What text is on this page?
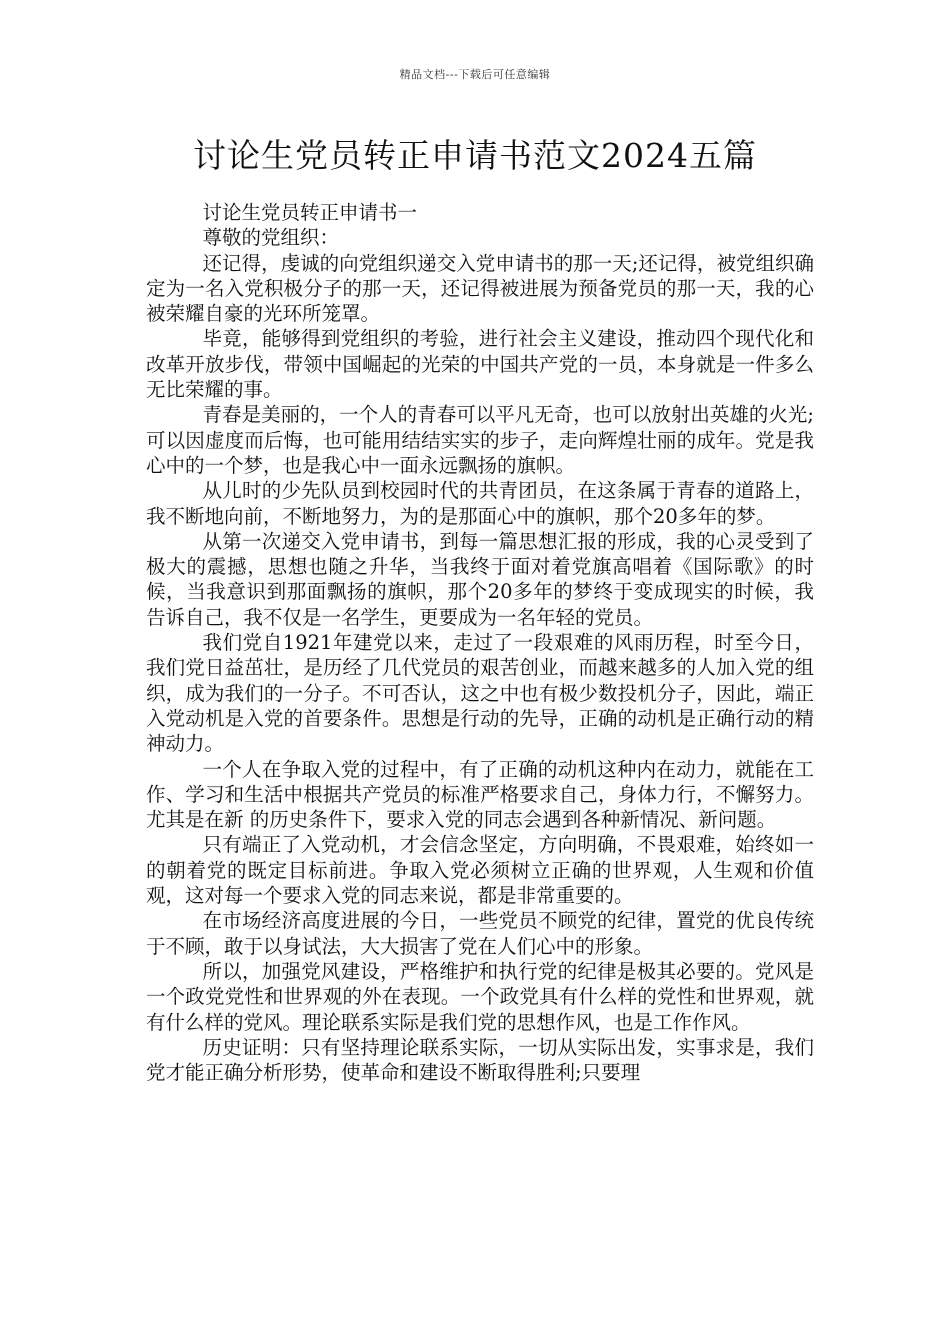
精品文档---下载后可任意编辑
讨论生党员转正申请书范文2024五篇

讨论生党员转正申请书一

尊敬的党组织：

还记得，虔诚的向党组织递交入党申请书的那一天;还记得，被党组织确定为一名入党积极分子的那一天，还记得被进展为预备党员的那一天，我的心被荣耀自豪的光环所笼罩。

毕竟，能够得到党组织的考验，进行社会主义建设，推动四个现代化和改革开放步伐，带领中国崛起的光荣的中国共产党的一员，本身就是一件多么无比荣耀的事。

青春是美丽的，一个人的青春可以平凡无奇，也可以放射出英雄的火光;可以因虚度而后悔，也可能用结结实实的步子，走向辉煌壮丽的成年。党是我心中的一个梦，也是我心中一面永远飘扬的旗帜。

从儿时的少先队员到校园时代的共青团员，在这条属于青春的道路上，我不断地向前，不断地努力，为的是那面心中的旗帜，那个20多年的梦。

从第一次递交入党申请书，到每一篇思想汇报的形成，我的心灵受到了极大的震撼，思想也随之升华，当我终于面对着党旗高唱着《国际歌》的时候，当我意识到那面飘扬的旗帜，那个20多年的梦终于变成现实的时候，我告诉自己，我不仅是一名学生，更要成为一名年轻的党员。

我们党自1921年建党以来，走过了一段艰难的风雨历程，时至今日，我们党日益茁壮，是历经了几代党员的艰苦创业，而越来越多的人加入党的组织，成为我们的一分子。不可否认，这之中也有极少数投机分子，因此，端正入党动机是入党的首要条件。思想是行动的先导，正确的动机是正确行动的精神动力。

一个人在争取入党的过程中，有了正确的动机这种内在动力，就能在工作、学习和生活中根据共产党员的标准严格要求自己，身体力行，不懈努力。尤其是在新 的历史条件下，要求入党的同志会遇到各种新情况、新问题。

只有端正了入党动机，才会信念坚定，方向明确，不畏艰难，始终如一的朝着党的既定目标前进。争取入党必须树立正确的世界观，人生观和价值观，这对每一个要求入党的同志来说，都是非常重要的。

在市场经济高度进展的今日，一些党员不顾党的纪律，置党的优良传统于不顾，敢于以身试法，大大损害了党在人们心中的形象。

所以，加强党风建设，严格维护和执行党的纪律是极其必要的。党风是一个政党党性和世界观的外在表现。一个政党具有什么样的党性和世界观，就有什么样的党风。理论联系实际是我们党的思想作风，也是工作作风。

历史证明：只有坚持理论联系实际，一切从实际出发，实事求是，我们党才能正确分析形势，使革命和建设不断取得胜利;只要理
